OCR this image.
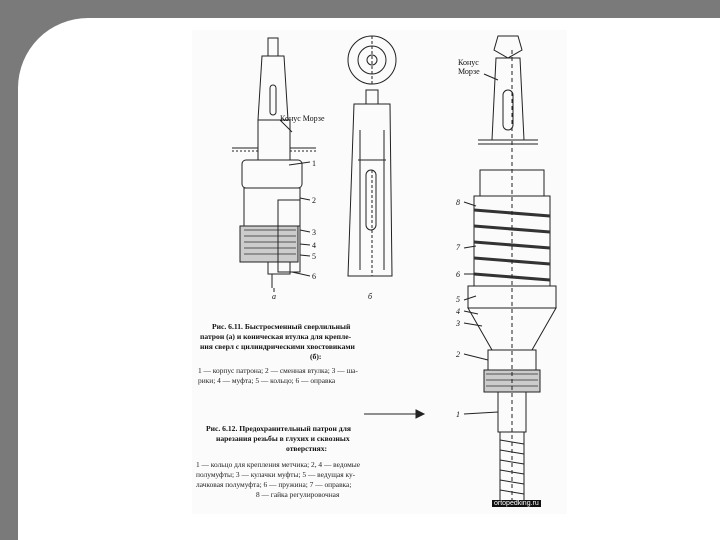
Конус Морзе
1
2
3
4
5
6
а	б
Конус
Морзе
8
7
6
5
4
3
2
1
Рис. 6.11. Быстросменный сверлильный
патрон (а) и коническая втулка для крепле-
ния сверл с цилиндрическими хвостовиками
(б):
1 — корпус патрона; 2 — сменная втулка; 3 — ша-
рики; 4 — муфта; 5 — кольцо; 6 — оправка
Рис. 6.12. Предохранительный патрон для
нарезания резьбы в глухих и сквозных
отверстиях:
1 — кольцо для крепления метчика; 2, 4 — ведомые
полумуфты; 3 — кулачки муфты; 5 — ведущая ку-
лачковая полумуфта; 6 — пружина; 7 — оправка;
8 — гайка регулировочная
ortopedking.ru
